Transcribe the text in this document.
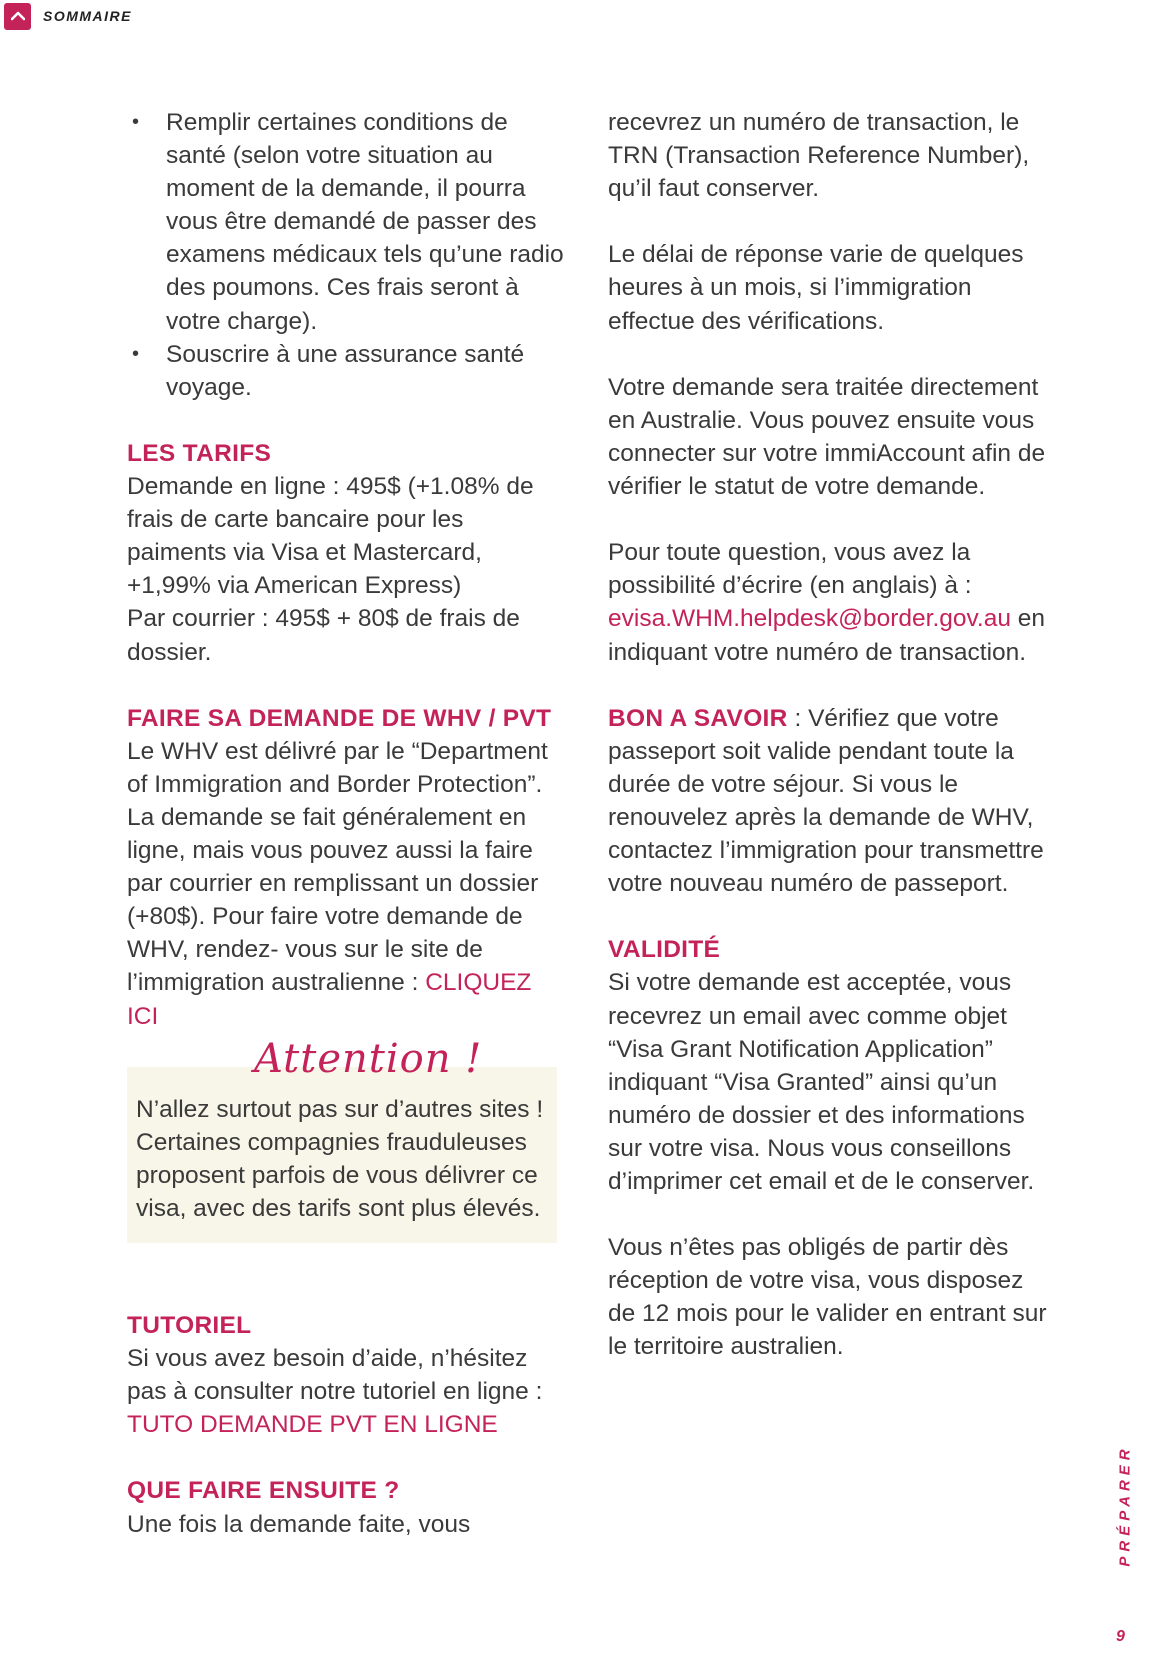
SOMMAIRE
• Remplir certaines conditions de santé (selon votre situation au moment de la demande, il pourra vous être demandé de passer des examens médicaux tels qu’une radio des poumons. Ces frais seront à votre charge).
• Souscrire à une assurance santé voyage.
LES TARIFS

Demande en ligne : 495$ (+1.08% de frais de carte bancaire pour les paiments via Visa et Mastercard, +1,99% via American Express)

Par courrier : 495$ + 80$ de frais de dossier.

FAIRE SA DEMANDE DE WHV / PVT

Le WHV est délivré par le “Department of Immigration and Border Protection”. La demande se fait généralement en ligne, mais vous pouvez aussi la faire par courrier en remplissant un dossier (+80$). Pour faire votre demande de WHV, rendez- vous sur le site de l’immigration australienne : CLIQUEZ ICI

Attention !

N’allez surtout pas sur d’autres sites ! Certaines compagnies frauduleuses proposent parfois de vous délivrer ce visa, avec des tarifs sont plus élevés.

TUTORIEL

Si vous avez besoin d’aide, n’hésitez pas à consulter notre tutoriel en ligne :

TUTO DEMANDE PVT EN LIGNE

QUE FAIRE ENSUITE ?

Une fois la demande faite, vous

recevrez un numéro de transaction, le TRN (Transaction Reference Number), qu’il faut conserver.

Le délai de réponse varie de quelques heures à un mois, si l’immigration effectue des vérifications.

Votre demande sera traitée directement en Australie. Vous pouvez ensuite vous connecter sur votre immiAccount afin de vérifier le statut de votre demande.

Pour toute question, vous avez la possibilité d’écrire (en anglais) à : evisa.WHM.helpdesk@border.gov.au en indiquant votre numéro de transaction.

BON A SAVOIR : Vérifiez que votre passeport soit valide pendant toute la durée de votre séjour. Si vous le renouvelez après la demande de WHV, contactez l’immigration pour transmettre votre nouveau numéro de passeport.

VALIDITÉ

Si votre demande est acceptée, vous recevrez un email avec comme objet “Visa Grant Notification Application” indiquant “Visa Granted” ainsi qu’un numéro de dossier et des informations sur votre visa. Nous vous conseillons d’imprimer cet email et de le conserver.

Vous n’êtes pas obligés de partir dès réception de votre visa, vous disposez de 12 mois pour le valider en entrant sur le territoire australien.

PRÉPARER
9
